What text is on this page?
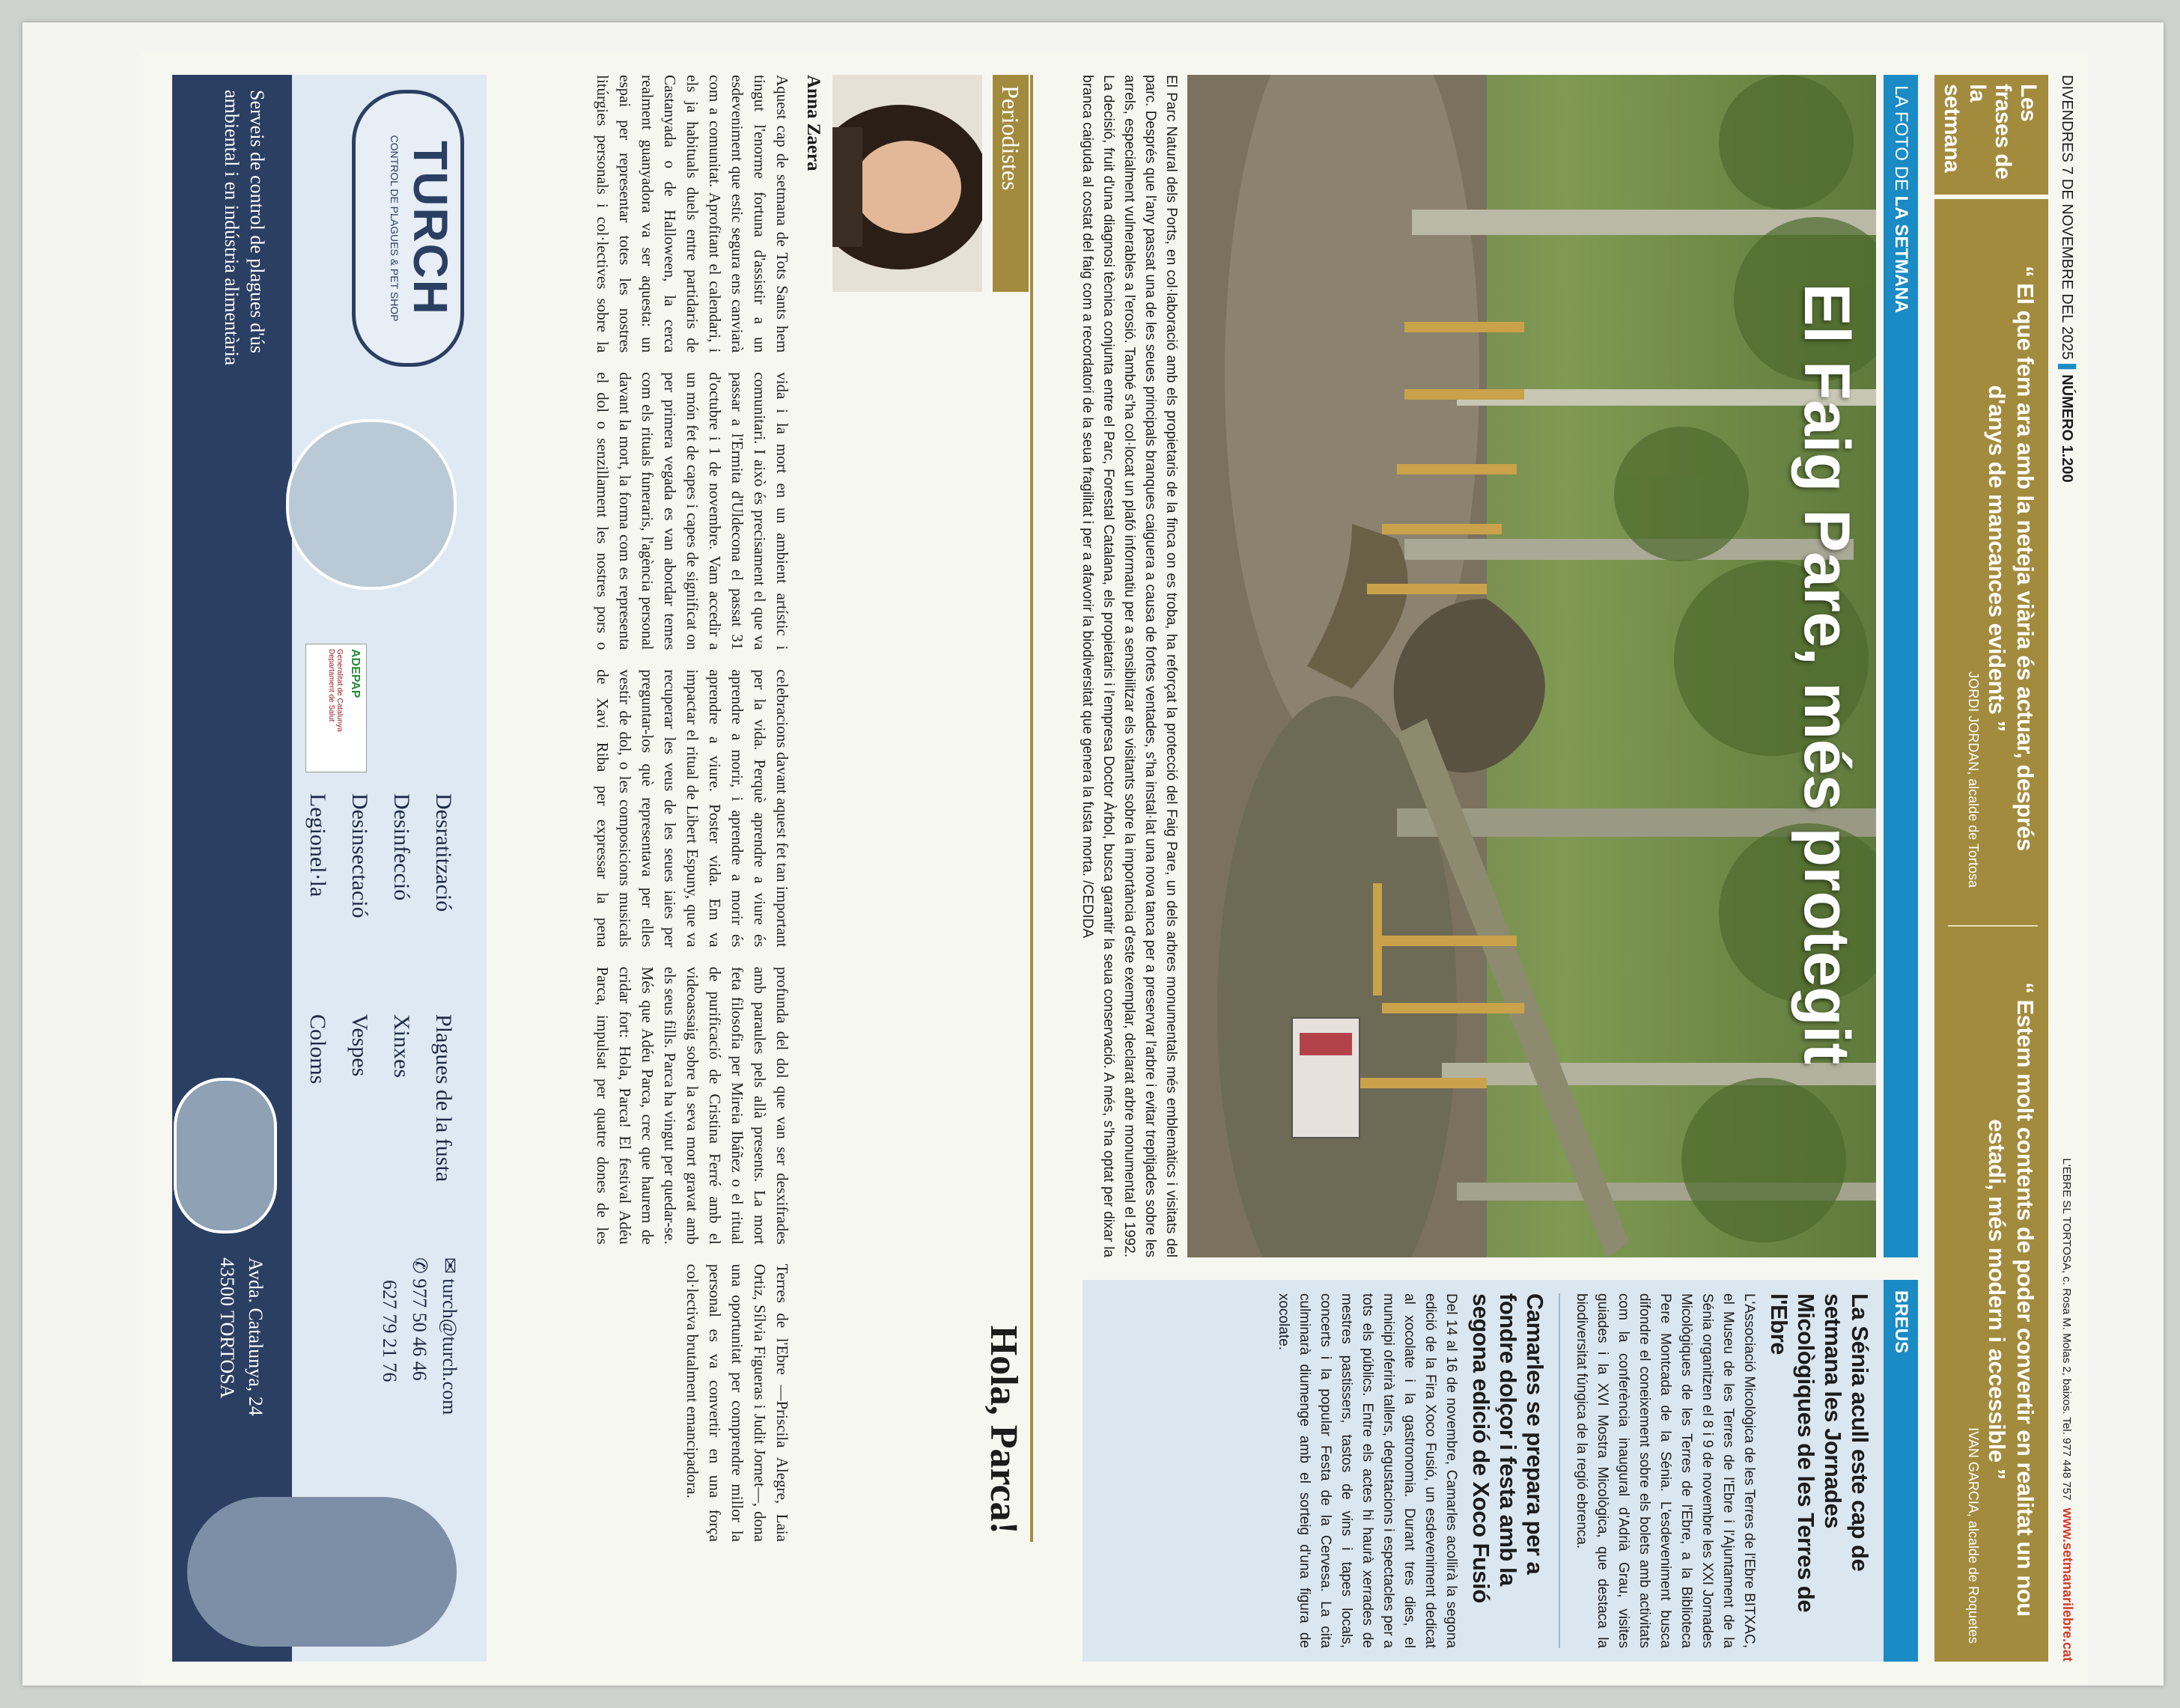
DIVENDRES 7 DE NOVEMBRE DEL 2025 ▌NÚMERO 1.200
L'EBRE SL TORTOSA, c. Rosa M. Molas 2, baixos. Tel. 977 448 757 www.setmanarilebre.cat
Les frases de la setmana
“ El que fem ara amb la neteja viària és actuar, després d'anys de mancances evidents ”
JORDI JORDAN, alcalde de Tortosa
“ Estem molt contents de poder convertir en realitat un nou estadi, més modern i accessible ”
IVAN GARCIA, alcalde de Roquetes
LA FOTO DE LA SETMANA
El Faig Pare, més protegit
El Parc Natural dels Ports, en col·laboració amb els propietaris de la finca on es troba, ha reforçat la protecció del Faig Pare, un dels arbres monumentals més emblemàtics i visitats del parc. Després que l'any passat una de les seues principals branques caiguera a causa de fortes ventades, s'ha instal·lat una nova tanca per a preservar l'arbre i evitar trepitjades sobre les arrels, especialment vulnerables a l'erosió. També s'ha col·locat un plafó informatiu per a sensibilitzar els visitants sobre la importància d'este exemplar, declarat arbre monumental el 1992. La decisió, fruit d'una diagnosi tècnica conjunta entre el Parc, Forestal Catalana, els propietaris i l'empresa Doctor Àrbol, busca garantir la seua conservació. A més, s'ha optat per dixar la branca caiguda al costat del faig com a recordatori de la seua fragilitat i per a afavorir la biodiversitat que genera la fusta morta. /CEDIDA
BREUS
La Sénia acull este cap de setmana les Jornades Micològiques de les Terres de l'Ebre
L'Associació Micològica de les Terres de l'Ebre BITXAC, el Museu de les Terres de l'Ebre i l'Ajuntament de la Sénia organitzen el 8 i 9 de novembre les XXI Jornades Micològiques de les Terres de l'Ebre, a la Biblioteca Pere Montcada de la Sénia. L'esdeveniment busca difondre el coneixement sobre els bolets amb activitats com la conferència inaugural d'Adrià Grau, visites guiades i la XVI Mostra Micològica, que destaca la biodiversitat fúngica de la regió ebrenca.
Camarles se prepara per a fondre dolçor i festa amb la segona edició de Xoco Fusió
Del 14 al 16 de novembre, Camarles acollirà la segona edició de la Fira Xoco Fusió, un esdeveniment dedicat al xocolate i la gastronomia. Durant tres dies, el municipi oferirà tallers, degustacions i espectacles per a tots els públics. Entre els actes hi haurà xerrades de mestres pastissers, tastos de vins i tapes locals, concerts i la popular Festa de la Cervesa. La cita culminarà diumenge amb el sorteig d'una figura de xocolate.
Periodistes
Anna Zaera
Hola, Parca!
Aquest cap de setmana de Tots Sants hem tingut l'enorme fortuna d'assistir a un esdeveniment que estic segura ens canviarà com a comunitat. Aprofitant el calendari, i els ja habituals duels entre partidaris de Castanyada o de Halloween, la cerca realment guanyadora va ser aquesta: un espai per representar totes les nostres litúrgies personals i col·lectives sobre la vida i la mort en un ambient artístic i comunitari. I això és precisament el que va passar a l'Ermita d'Uldecona el passat 31 d'octubre i 1 de novembre. Vam accedir a un món fet de capes i capes de significat on per primera vegada es van abordar temes com els rituals funeraris, l'agència personal davant la mort, la forma com es representa el dol o senzillament les nostres pors o celebracions davant aquest fet tan important per la vida. Perquè aprendre a viure és aprendre a morir, i aprendre a morir és aprendre a viure. Poster vida. Em va impactar el ritual de Libert Espuny, que va recuperar les veus de les seues iaies per preguntar-los què representava per elles vestir de dol, o les composicions musicals de Xavi Riba per expressar la pena profunda del dol que van ser desxifrades amb paraules pels allà presents. La mort feta filosofia per Mireia Ibáñez o el ritual de purificació de Cristina Ferré amb el videoassaig sobre la seva mort gravat amb els seus fills. Parca ha vingut per quedar-se. Més que Adéu Parca, crec que haurem de cridar fort: Hola, Parca! El festival Adéu Parca, impulsat per quatre dones de les Terres de l'Ebre —Priscila Alegre, Laia Ortiz, Sílvia Figueras i Judit Jornet—, dona una oportunitat per comprendre millor la personal es va convertir en una força col·lectiva brutalment emancipadora.
TURCH
CONTROL DE PLAGUES & PET SHOP
Serveis de control de plagues d'ús ambiental i en indústria alimentària
ADEPAP
Generalitat de Catalunya Departament de Salut
Desratització
Desinfecció
Desinsectació
Legionel·la
Plagues de la fusta
Xinxes
Vespes
Coloms
✉ turch@turch.com
✆ 977 50 46 46
627 79 21 76
Avda. Catalunya, 24
43500 TORTOSA
